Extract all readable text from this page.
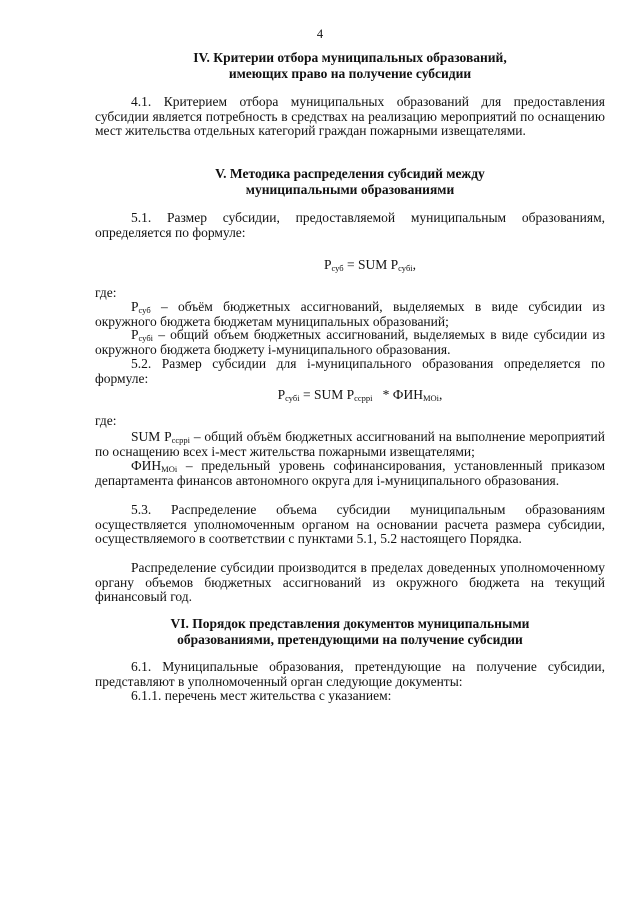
4
IV. Критерии отбора муниципальных образований,
имеющих право на получение субсидии
4.1. Критерием отбора муниципальных образований для предоставления субсидии является потребность в средствах на реализацию мероприятий по оснащению мест жительства отдельных категорий граждан пожарными извещателями.
V. Методика распределения субсидий между
муниципальными образованиями
5.1. Размер субсидии, предоставляемой муниципальным образованиям, определяется по формуле:
$P_{суб}$ = SUM $P_{субi}$,
где:
$P_{суб}$ – объём бюджетных ассигнований, выделяемых в виде субсидии из окружного бюджета бюджетам муниципальных образований;
$P_{субi}$ – общий объем бюджетных ассигнований, выделяемых в виде субсидии из окружного бюджета бюджету i-муниципального образования.
5.2. Размер субсидии для i-муниципального образования определяется по формуле:
$P_{субi}$ = SUM $P_{ссрpi} * ФИН_{МOi}$,
где:
SUM $P_{ссрpi}$ – общий объём бюджетных ассигнований на выполнение мероприятий по оснащению всех i-мест жительства пожарными извещателями;
$ФИН_{МOi}$ – предельный уровень софинансирования, установленный приказом департамента финансов автономного округа для i-муниципального образования.
5.3. Распределение объема субсидии муниципальным образованиям осуществляется уполномоченным органом на основании расчета размера субсидии, осуществляемого в соответствии с пунктами 5.1, 5.2 настоящего Порядка.
Распределение субсидии производится в пределах доведенных уполномоченному органу объемов бюджетных ассигнований из окружного бюджета на текущий финансовый год.
VI. Порядок представления документов муниципальными
образованиями, претендующими на получение субсидии
6.1. Муниципальные образования, претендующие на получение субсидии, представляют в уполномоченный орган следующие документы:
6.1.1. перечень мест жительства с указанием:
